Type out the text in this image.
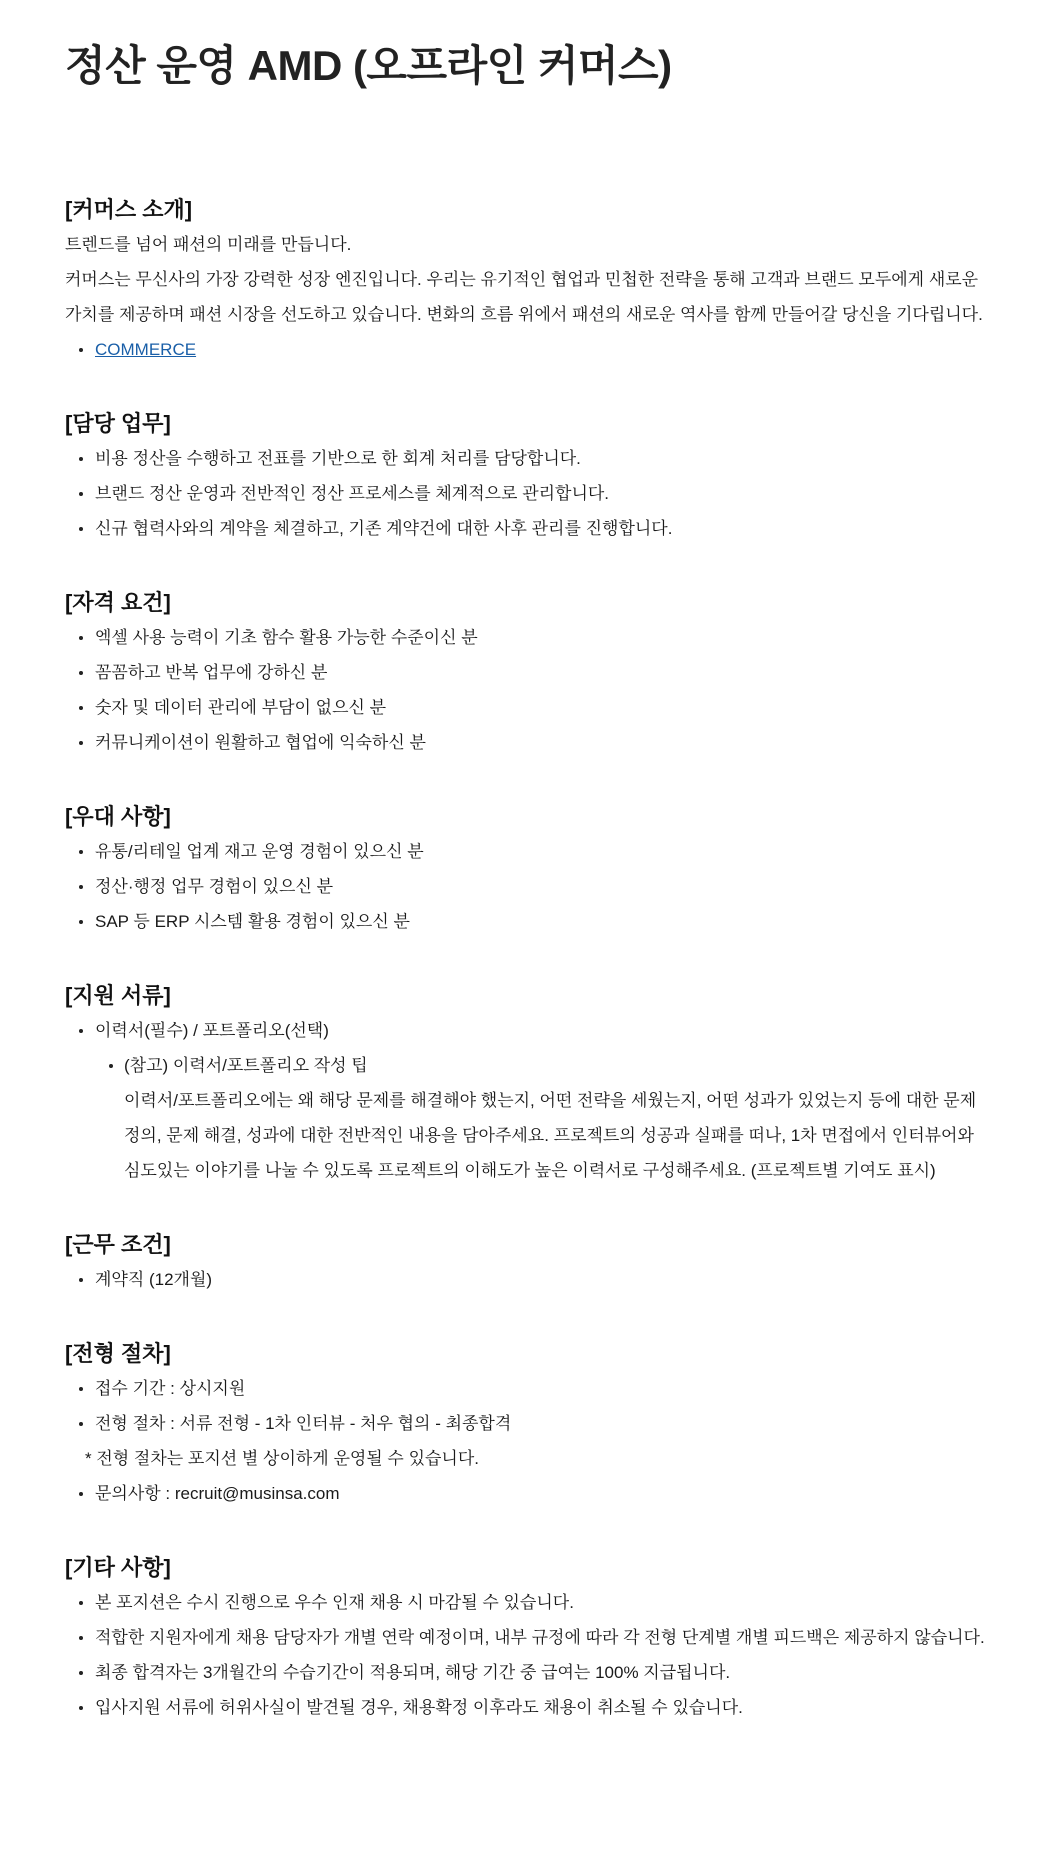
정산 운영 AMD (오프라인 커머스)
[커머스 소개]

트렌드를 넘어 패션의 미래를 만듭니다.

커머스는 무신사의 가장 강력한 성장 엔진입니다. 우리는 유기적인 협업과 민첩한 전략을 통해 고객과 브랜드 모두에게 새로운 가치를 제공하며 패션 시장을 선도하고 있습니다. 변화의 흐름 위에서 패션의 새로운 역사를 함께 만들어갈 당신을 기다립니다.

COMMERCE
[담당 업무]
비용 정산을 수행하고 전표를 기반으로 한 회계 처리를 담당합니다.
브랜드 정산 운영과 전반적인 정산 프로세스를 체계적으로 관리합니다.
신규 협력사와의 계약을 체결하고, 기존 계약건에 대한 사후 관리를 진행합니다.
[자격 요건]
엑셀 사용 능력이 기초 함수 활용 가능한 수준이신 분
꼼꼼하고 반복 업무에 강하신 분
숫자 및 데이터 관리에 부담이 없으신 분
커뮤니케이션이 원활하고 협업에 익숙하신 분
[우대 사항]
유통/리테일 업계 재고 운영 경험이 있으신 분
정산·행정 업무 경험이 있으신 분
SAP 등 ERP 시스템 활용 경험이 있으신 분
[지원 서류]
이력서(필수) / 포트폴리오(선택)
(참고) 이력서/포트폴리오 작성 팁
이력서/포트폴리오에는 왜 해당 문제를 해결해야 했는지, 어떤 전략을 세웠는지, 어떤 성과가 있었는지 등에 대한 문제 정의, 문제 해결, 성과에 대한 전반적인 내용을 담아주세요. 프로젝트의 성공과 실패를 떠나, 1차 면접에서 인터뷰어와 심도있는 이야기를 나눌 수 있도록 프로젝트의 이해도가 높은 이력서로 구성해주세요. (프로젝트별 기여도 표시)
[근무 조건]
계약직 (12개월)
[전형 절차]
접수 기간 : 상시지원
전형 절차 : 서류 전형 - 1차 인터뷰 - 처우 협의 - 최종합격
* 전형 절차는 포지션 별 상이하게 운영될 수 있습니다.
문의사항 : recruit@musinsa.com
[기타 사항]
본 포지션은 수시 진행으로 우수 인재 채용 시 마감될 수 있습니다.
적합한 지원자에게 채용 담당자가 개별 연락 예정이며, 내부 규정에 따라 각 전형 단계별 개별 피드백은 제공하지 않습니다.
최종 합격자는 3개월간의 수습기간이 적용되며, 해당 기간 중 급여는 100% 지급됩니다.
입사지원 서류에 허위사실이 발견될 경우, 채용확정 이후라도 채용이 취소될 수 있습니다.
